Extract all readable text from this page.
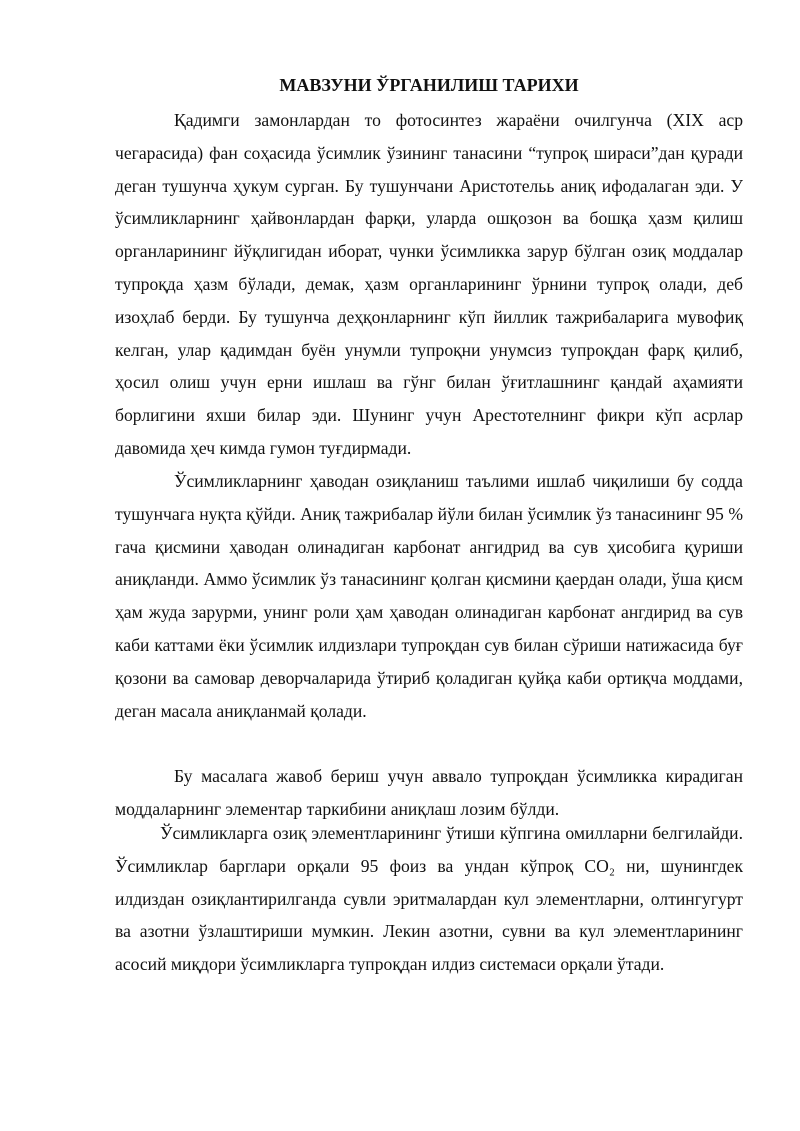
МАВЗУНИ ЎРГАНИЛИШ ТАРИХИ

Қадимги замонлардан то фотосинтез жараёни очилгунча (XIX аср чегарасида) фан соҳасида ўсимлик ўзининг танасини “тупроқ шираси”дан қуради деган тушунча ҳукум сурган. Бу тушунчани Аристотельь аниқ ифодалаган эди. У ўсимликларнинг ҳайвонлардан фарқи, уларда ошқозон ва бошқа ҳазм қилиш органларининг йўқлигидан иборат, чунки ўсимликка зарур бўлган озиқ моддалар тупроқда ҳазм бўлади, демак, ҳазм органларининг ўрнини тупроқ олади, деб изоҳлаб берди. Бу тушунча деҳқонларнинг кўп йиллик тажрибаларига мувофиқ келган, улар қадимдан буён унумли тупроқни унумсиз тупроқдан фарқ қилиб, ҳосил олиш учун ерни ишлаш ва гўнг билан ўғитлашнинг қандай аҳамияти борлигини яхши билар эди. Шунинг учун Арестотелнинг фикри кўп асрлар давомида ҳеч кимда гумон туғдирмади.

Ўсимликларнинг ҳаводан озиқланиш таълими ишлаб чиқилиши бу содда тушунчага нуқта қўйди. Аниқ тажрибалар йўли билан ўсимлик ўз танасининг 95 % гача қисмини ҳаводан олинадиган карбонат ангидрид ва сув ҳисобига қуриши аниқланди. Аммо ўсимлик ўз танасининг қолган қисмини қаердан олади, ўша қисм ҳам жуда зарурми, унинг роли ҳам ҳаводан олинадиган карбонат ангдирид ва сув каби каттами ёки ўсимлик илдизлари тупроқдан сув билан сўриши натижасида буғ қозони ва самовар деворчаларида ўтириб қоладиган қуйқа каби ортиқча моддами, деган масала аниқланмай қолади.

Бу масалага жавоб бериш учун аввало тупроқдан ўсимликка кирадиган моддаларнинг элементар таркибини аниқлаш лозим бўлди.

Ўсимликларга озиқ элементларининг ўтиши кўпгина омилларни белгилайди. Ўсимликлар барглари орқали 95 фоиз ва ундан кўпроқ CO₂ ни, шунингдек илдиздан озиқлантирилганда сувли эритмалардан кул элементларни, олтингугурт ва азотни ўзлаштириши мумкин. Лекин азотни, сувни ва кул элементларининг асосий миқдори ўсимликларга тупроқдан илдиз системаси орқали ўтади.
